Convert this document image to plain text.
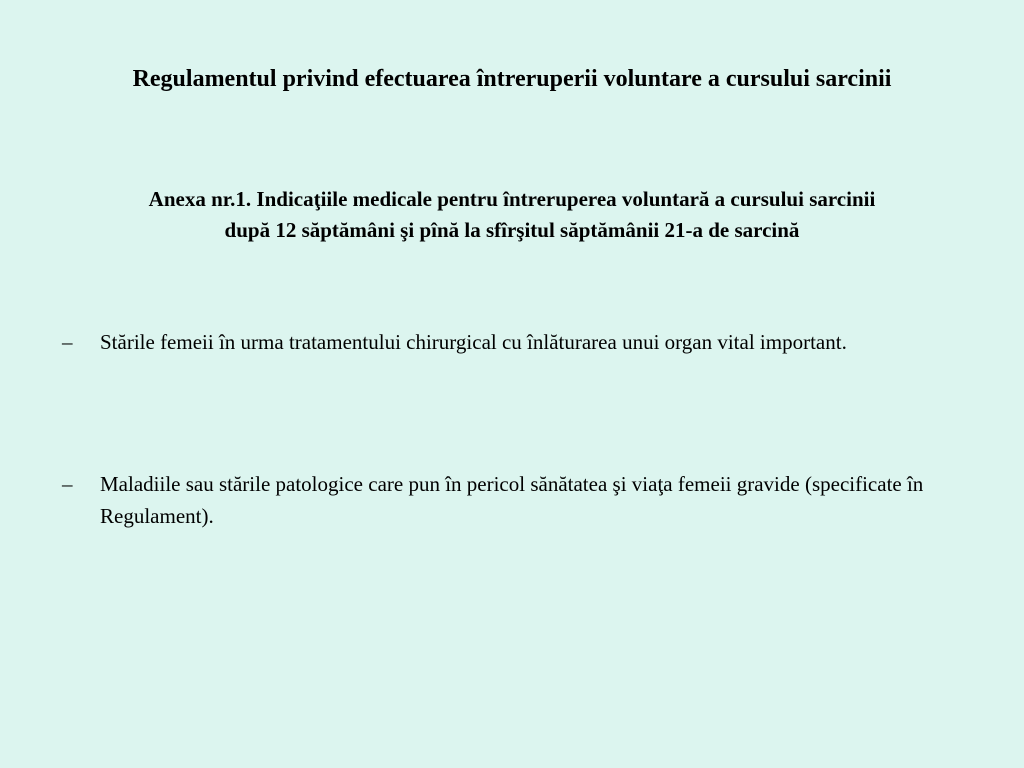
Regulamentul privind efectuarea întreruperii voluntare a cursului sarcinii
Anexa nr.1. Indicaţiile medicale pentru întreruperea voluntară a cursului sarcinii
după 12 săptămâni şi pînă la sfîrşitul săptămânii 21-a de sarcină
– Stările femeii în urma tratamentului chirurgical cu înlăturarea unui organ vital important.
– Maladiile sau stările patologice care pun în pericol sănătatea şi viaţa femeii gravide (specificate în Regulament).
